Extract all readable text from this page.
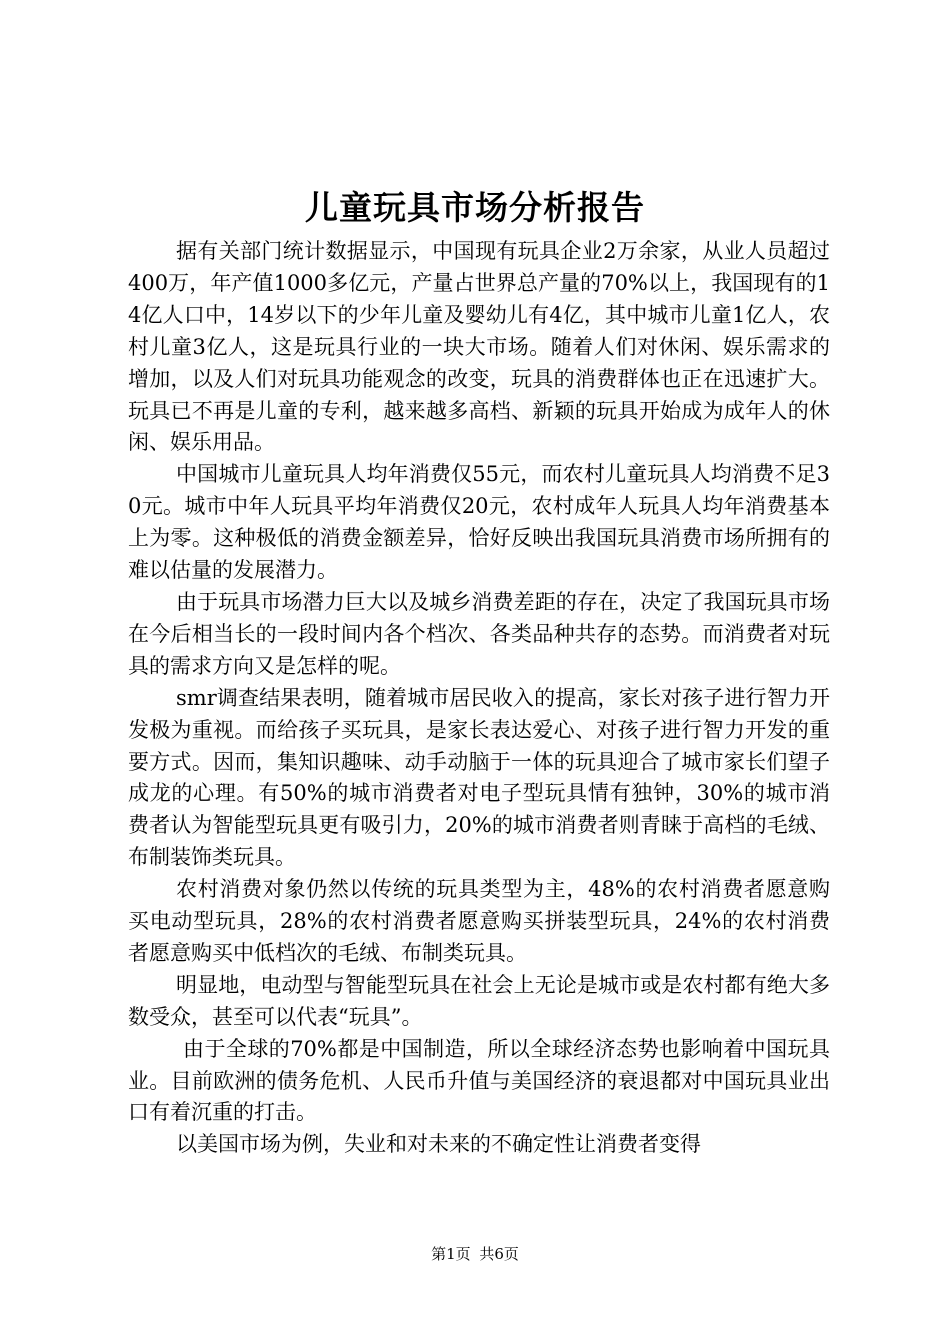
儿童玩具市场分析报告

据有关部门统计数据显示，中国现有玩具企业2万余家，从业人员超过400万，年产值1000多亿元，产量占世界总产量的70%以上，我国现有的14亿人口中，14岁以下的少年儿童及婴幼儿有4亿，其中城市儿童1亿人，农村儿童3亿人，这是玩具行业的一块大市场。随着人们对休闲、娱乐需求的增加，以及人们对玩具功能观念的改变，玩具的消费群体也正在迅速扩大。玩具已不再是儿童的专利，越来越多高档、新颖的玩具开始成为成年人的休闲、娱乐用品。

中国城市儿童玩具人均年消费仅55元，而农村儿童玩具人均消费不足30元。城市中年人玩具平均年消费仅20元，农村成年人玩具人均年消费基本上为零。这种极低的消费金额差异，恰好反映出我国玩具消费市场所拥有的难以估量的发展潜力。

由于玩具市场潜力巨大以及城乡消费差距的存在，决定了我国玩具市场在今后相当长的一段时间内各个档次、各类品种共存的态势。而消费者对玩具的需求方向又是怎样的呢。

smr调查结果表明，随着城市居民收入的提高，家长对孩子进行智力开发极为重视。而给孩子买玩具，是家长表达爱心、对孩子进行智力开发的重要方式。因而，集知识趣味、动手动脑于一体的玩具迎合了城市家长们望子成龙的心理。有50%的城市消费者对电子型玩具情有独钟，30%的城市消费者认为智能型玩具更有吸引力，20%的城市消费者则青睐于高档的毛绒、布制装饰类玩具。

农村消费对象仍然以传统的玩具类型为主，48%的农村消费者愿意购买电动型玩具，28%的农村消费者愿意购买拼装型玩具，24%的农村消费者愿意购买中低档次的毛绒、布制类玩具。

明显地，电动型与智能型玩具在社会上无论是城市或是农村都有绝大多数受众，甚至可以代表“玩具”。

由于全球的70%都是中国制造，所以全球经济态势也影响着中国玩具业。目前欧洲的债务危机、人民币升值与美国经济的衰退都对中国玩具业出口有着沉重的打击。

以美国市场为例，失业和对未来的不确定性让消费者变得

第1页 共6页
